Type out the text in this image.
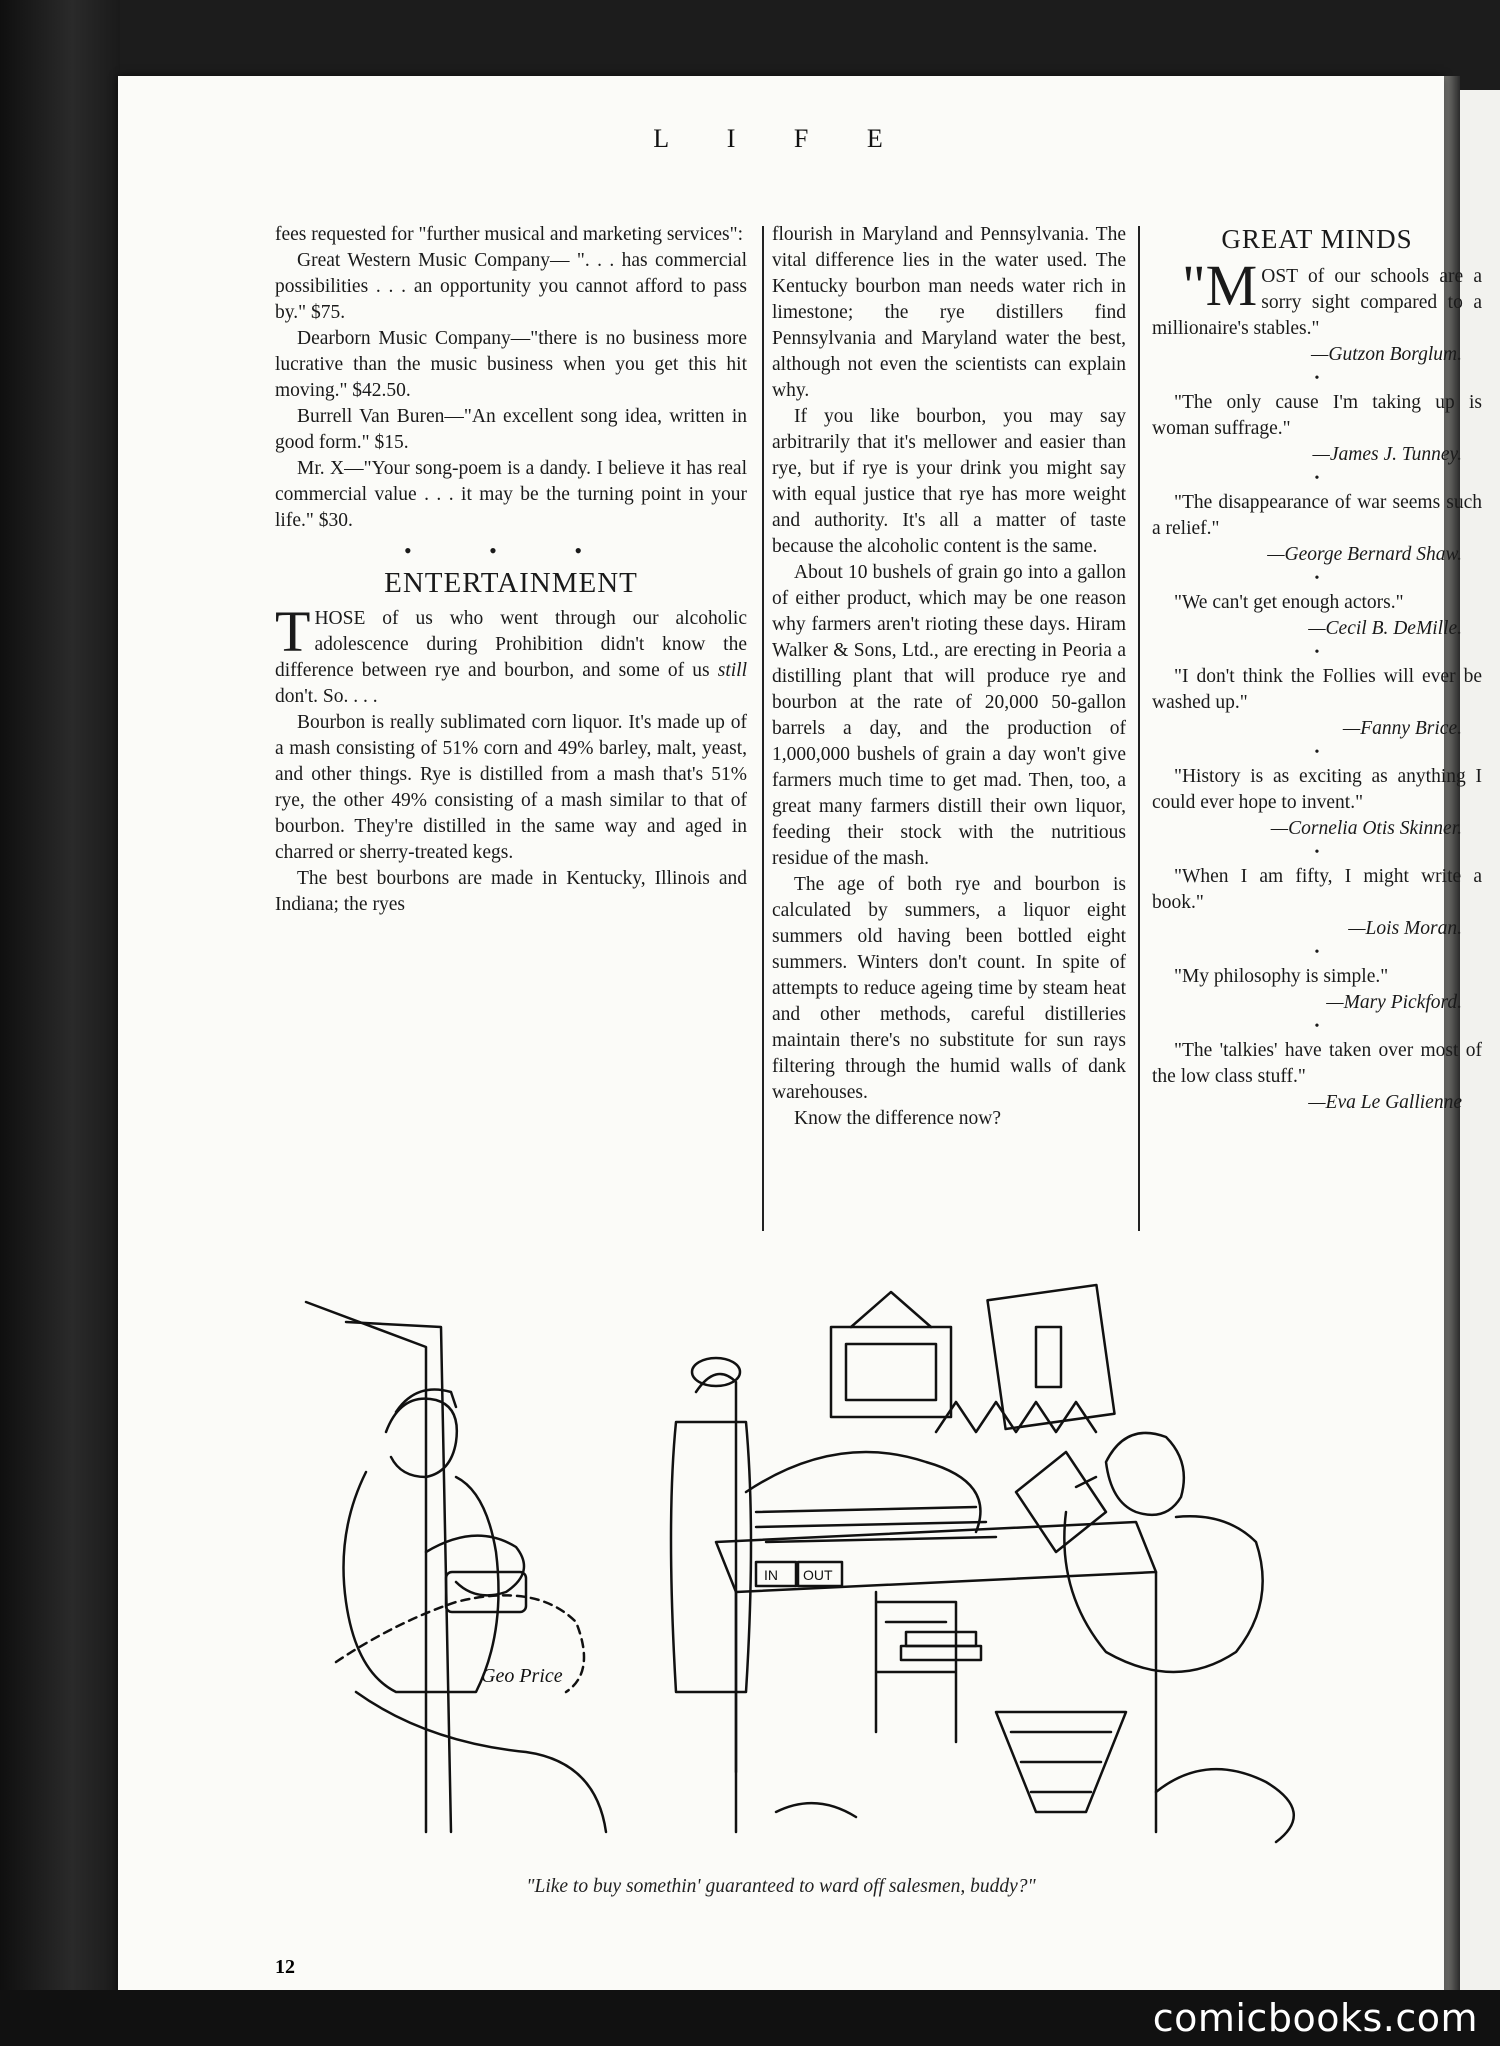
L I F E

fees requested for "further musical and marketing services":

Great Western Music Company— ". . . has commercial possibilities . . . an opportunity you cannot afford to pass by." $75.

Dearborn Music Company—"there is no business more lucrative than the music business when you get this hit moving." $42.50.

Burrell Van Buren—"An excellent song idea, written in good form." $15.

Mr. X—"Your song-poem is a dandy. I believe it has real commercial value . . . it may be the turning point in your life." $30.

• • •
ENTERTAINMENT

THOSE of us who went through our alcoholic adolescence during Prohibition didn't know the difference between rye and bourbon, and some of us still don't. So. . . .

Bourbon is really sublimated corn liquor. It's made up of a mash consisting of 51% corn and 49% barley, malt, yeast, and other things. Rye is distilled from a mash that's 51% rye, the other 49% consisting of a mash similar to that of bourbon. They're distilled in the same way and aged in charred or sherry-treated kegs.

The best bourbons are made in Kentucky, Illinois and Indiana; the ryes

flourish in Maryland and Pennsylvania. The vital difference lies in the water used. The Kentucky bourbon man needs water rich in limestone; the rye distillers find Pennsylvania and Maryland water the best, although not even the scientists can explain why.

If you like bourbon, you may say arbitrarily that it's mellower and easier than rye, but if rye is your drink you might say with equal justice that rye has more weight and authority. It's all a matter of taste because the alcoholic content is the same.

About 10 bushels of grain go into a gallon of either product, which may be one reason why farmers aren't rioting these days. Hiram Walker & Sons, Ltd., are erecting in Peoria a distilling plant that will produce rye and bourbon at the rate of 20,000 50-gallon barrels a day, and the production of 1,000,000 bushels of grain a day won't give farmers much time to get mad. Then, too, a great many farmers distill their own liquor, feeding their stock with the nutritious residue of the mash.

The age of both rye and bourbon is calculated by summers, a liquor eight summers old having been bottled eight summers. Winters don't count. In spite of attempts to reduce ageing time by steam heat and other methods, careful distilleries maintain there's no substitute for sun rays filtering through the humid walls of dank warehouses.

Know the difference now?

GREAT MINDS
"MOST of our schools are a sorry sight compared to a millionaire's stables."
—Gutzon Borglum.
•
"The only cause I'm taking up is woman suffrage."
—James J. Tunney.
•
"The disappearance of war seems such a relief."
—George Bernard Shaw.
•
"We can't get enough actors."
—Cecil B. DeMille.
•
"I don't think the Follies will ever be washed up."
—Fanny Brice.
•
"History is as exciting as anything I could ever hope to invent."
—Cornelia Otis Skinner.
•
"When I am fifty, I might write a book."
—Lois Moran.
•
"My philosophy is simple."
—Mary Pickford.
•
"The 'talkies' have taken over most of the low class stuff."
—Eva Le Gallienne
IN OUT
Geo Price
"Like to buy somethin' guaranteed to ward off salesmen, buddy?"
12
comicbooks.com
